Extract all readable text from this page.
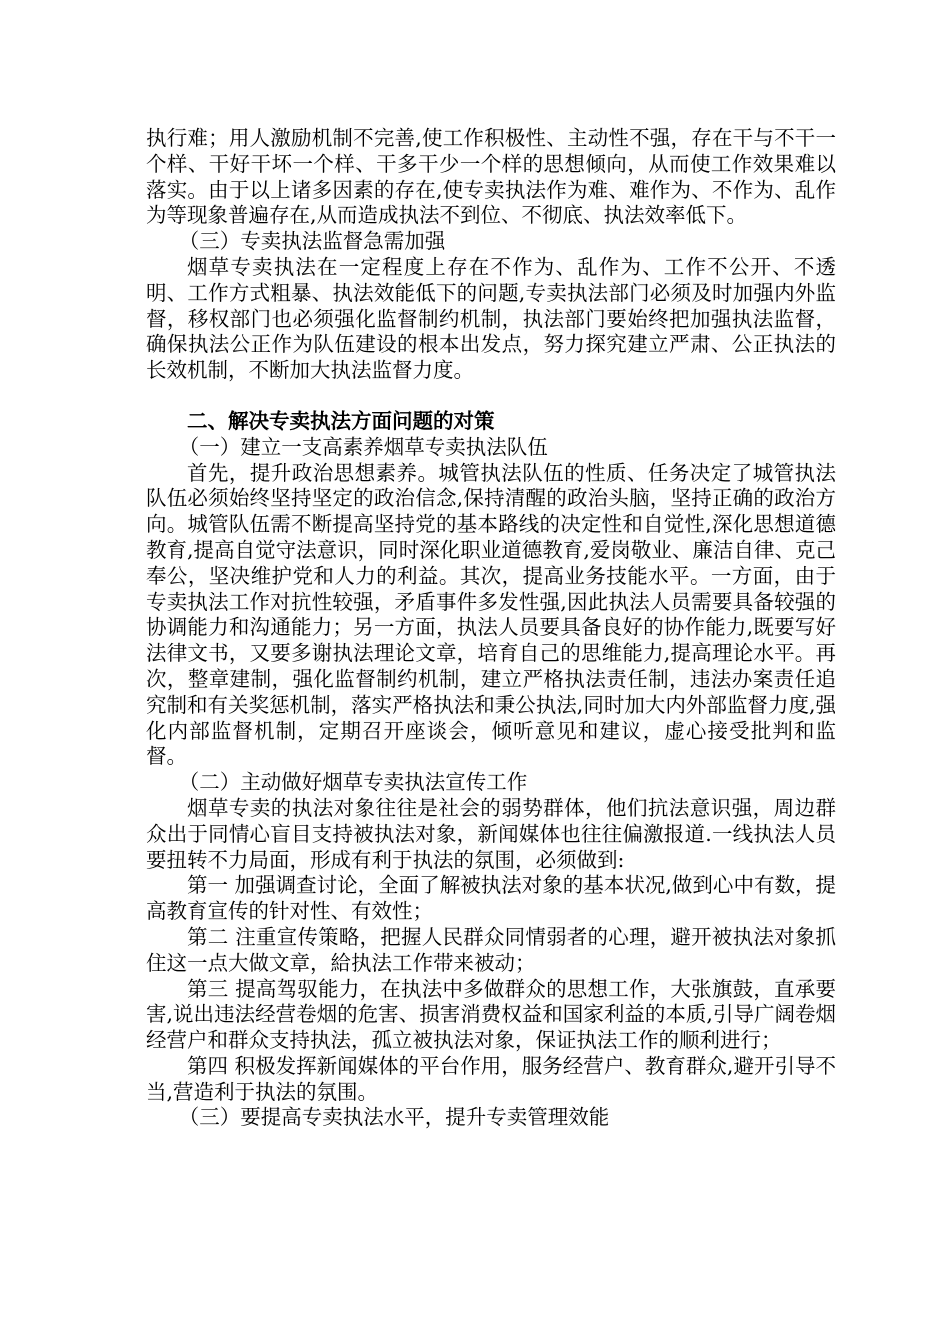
执行难；用人激励机制不完善,使工作积极性、主动性不强，存在干与不干一个样、干好干坏一个样、干多干少一个样的思想倾向，从而使工作效果难以落实。由于以上诸多因素的存在,使专卖执法作为难、难作为、不作为、乱作为等现象普遍存在,从而造成执法不到位、不彻底、执法效率低下。

（三）专卖执法监督急需加强

烟草专卖执法在一定程度上存在不作为、乱作为、工作不公开、不透明、工作方式粗暴、执法效能低下的问题,专卖执法部门必须及时加强内外监督，移权部门也必须强化监督制约机制，执法部门要始终把加强执法监督，确保执法公正作为队伍建设的根本出发点，努力探究建立严肃、公正执法的长效机制，不断加大执法监督力度。

二、解决专卖执法方面问题的对策

（一）建立一支高素养烟草专卖执法队伍

首先，提升政治思想素养。城管执法队伍的性质、任务决定了城管执法队伍必须始终坚持坚定的政治信念,保持清醒的政治头脑，坚持正确的政治方向。城管队伍需不断提高坚持党的基本路线的决定性和自觉性,深化思想道德教育,提高自觉守法意识，同时深化职业道德教育,爱岗敬业、廉洁自律、克己奉公，坚决维护党和人力的利益。其次，提高业务技能水平。一方面，由于专卖执法工作对抗性较强，矛盾事件多发性强,因此执法人员需要具备较强的协调能力和沟通能力；另一方面，执法人员要具备良好的协作能力,既要写好法律文书，又要多谢执法理论文章，培育自己的思维能力,提高理论水平。再次，整章建制，强化监督制约机制，建立严格执法责任制，违法办案责任追究制和有关奖惩机制，落实严格执法和秉公执法,同时加大内外部监督力度,强化内部监督机制，定期召开座谈会，倾听意见和建议，虚心接受批判和监督。

（二）主动做好烟草专卖执法宣传工作

烟草专卖的执法对象往往是社会的弱势群体，他们抗法意识强，周边群众出于同情心盲目支持被执法对象，新闻媒体也往往偏激报道.一线执法人员要扭转不力局面，形成有利于执法的氛围，必须做到:

第一 加强调查讨论，全面了解被执法对象的基本状况,做到心中有数，提高教育宣传的针对性、有效性；

第二 注重宣传策略，把握人民群众同情弱者的心理，避开被执法对象抓住这一点大做文章，給执法工作带来被动；

第三 提高驾驭能力，在执法中多做群众的思想工作，大张旗鼓，直承要害,说出违法经营卷烟的危害、损害消费权益和国家利益的本质,引导广阔卷烟经营户和群众支持执法，孤立被执法对象，保证执法工作的顺利进行；

第四 积极发挥新闻媒体的平台作用，服务经营户、教育群众,避开引导不当,营造利于执法的氛围。

（三）要提高专卖执法水平，提升专卖管理效能
